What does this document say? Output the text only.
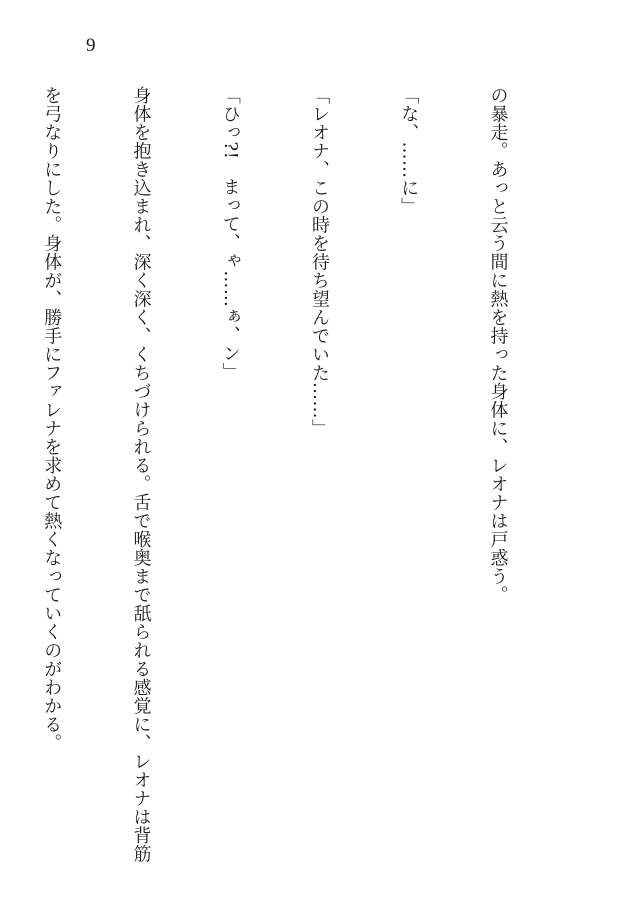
9

の暴走。あっと云う間に熱を持った身体に、レオナは戸惑う。

「な、……に」

「レオナ、この時を待ち望んでいた……」

「ひっ?!　まって、ゃ……ぁ、ン」

身体を抱き込まれ、深く深く、くちづけられる。舌で喉奥まで舐られる感覚に、レオナは背筋

を弓なりにした。身体が、勝手にファレナを求めて熱くなっていくのがわかる。
